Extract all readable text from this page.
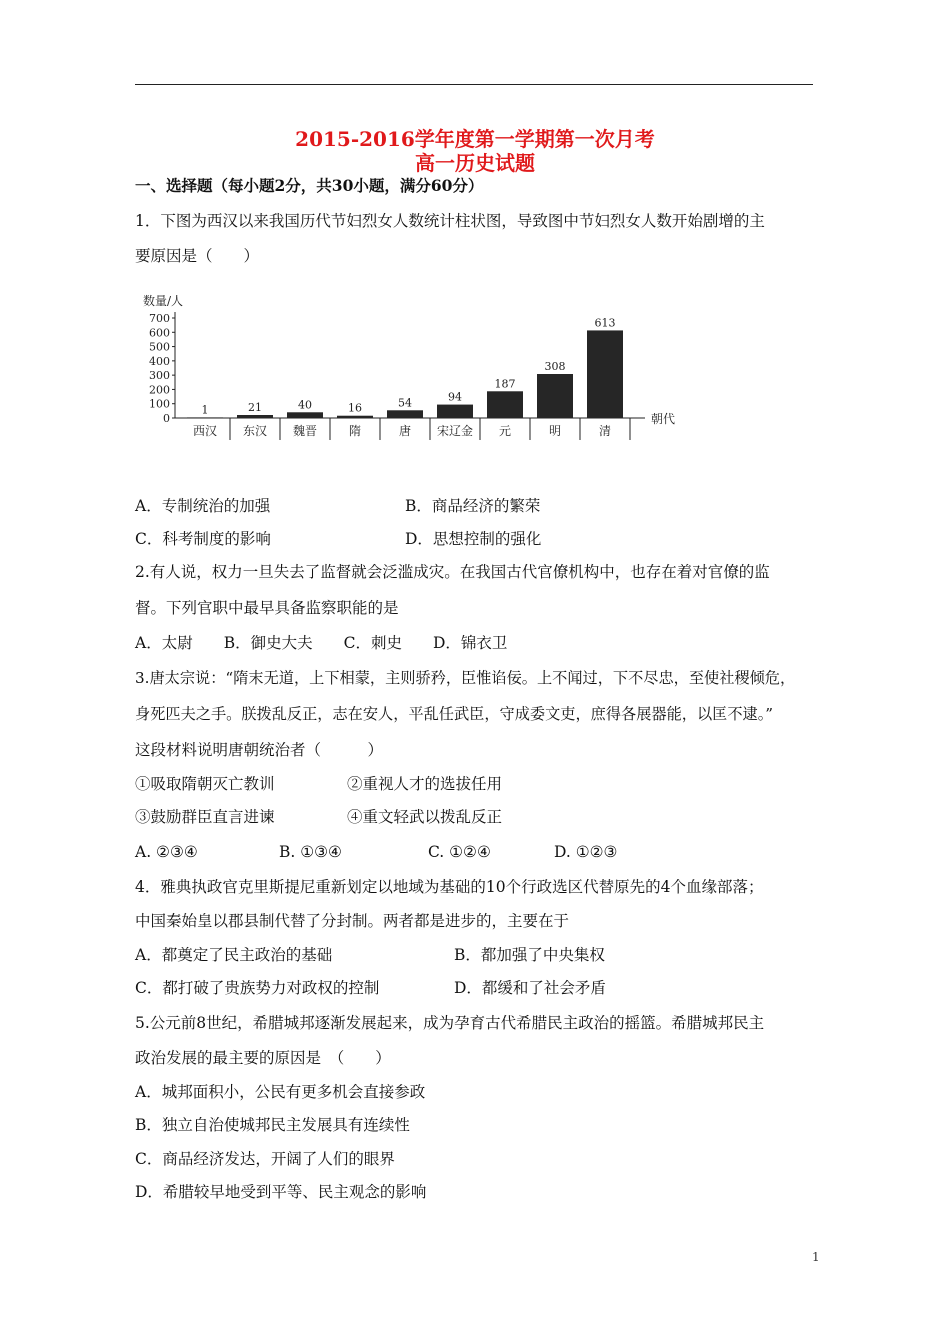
2015-2016学年度第一学期第一次月考
高一历史试题
一、选择题（每小题2分，共30小题，满分60分）
1．下图为西汉以来我国历代节妇烈女人数统计柱状图，导致图中节妇烈女人数开始剧增的主
要原因是（　　）
数量/人
0
100
200
300
400
500
600
700
朝代
1
西汉
21
东汉
40
魏晋
16
隋
54
唐
94
宋辽金
187
元
308
明
613
清
A．专制统治的加强	B．商品经济的繁荣
C．科考制度的影响	D．思想控制的强化
2.有人说，权力一旦失去了监督就会泛滥成灾。在我国古代官僚机构中，也存在着对官僚的监
督。下列官职中最早具备监察职能的是
A．太尉　　B．御史大夫　　C．刺史　　D．锦衣卫
3.唐太宗说：“隋末无道，上下相蒙，主则骄矜，臣惟谄佞。上不闻过，下不尽忠，至使社稷倾危，
身死匹夫之手。朕拨乱反正，志在安人，平乱任武臣，守成委文吏，庶得各展器能，以匡不逮。”
这段材料说明唐朝统治者（　　　）
①吸取隋朝灭亡教训	②重视人才的选拔任用
③鼓励群臣直言进谏	④重文轻武以拨乱反正
A. ②③④	B. ①③④	C. ①②④	D. ①②③
4．雅典执政官克里斯提尼重新划定以地域为基础的10个行政选区代替原先的4个血缘部落；
中国秦始皇以郡县制代替了分封制。两者都是进步的，主要在于
A．都奠定了民主政治的基础	B．都加强了中央集权
C．都打破了贵族势力对政权的控制	D．都缓和了社会矛盾
5.公元前8世纪，希腊城邦逐渐发展起来，成为孕育古代希腊民主政治的摇篮。希腊城邦民主
政治发展的最主要的原因是　（　　）
A．城邦面积小，公民有更多机会直接参政
B．独立自治使城邦民主发展具有连续性
C．商品经济发达，开阔了人们的眼界
D．希腊较早地受到平等、民主观念的影响
1
